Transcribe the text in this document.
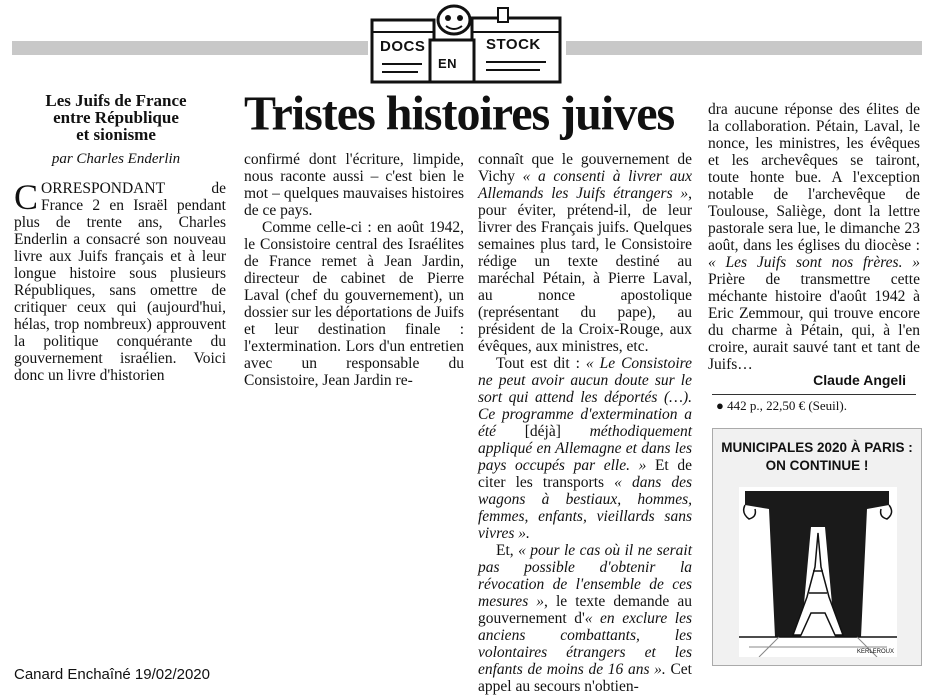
DOCS
EN
STOCK
Les Juifs de France
entre République
et sionisme
par Charles Enderlin
CORRESPONDANT de France 2 en Israël pendant plus de trente ans, Charles Enderlin a consacré son nouveau livre aux Juifs français et à leur longue histoire sous plusieurs Républiques, sans omettre de critiquer ceux qui (aujourd'hui, hélas, trop nombreux) approuvent la politique conquérante du gouvernement israélien. Voici donc un livre d'historien
Tristes histoires juives

confirmé dont l'écriture, limpide, nous raconte aussi – c'est bien le mot – quelques mauvaises histoires de ce pays.

Comme celle-ci : en août 1942, le Consistoire central des Israélites de France remet à Jean Jardin, directeur de cabinet de Pierre Laval (chef du gouvernement), un dossier sur les déportations de Juifs et leur destination finale : l'extermination. Lors d'un entretien avec un responsable du Consistoire, Jean Jardin re-

connaît que le gouvernement de Vichy « a consenti à livrer aux Allemands les Juifs étrangers », pour éviter, prétend-il, de leur livrer des Français juifs. Quelques semaines plus tard, le Consistoire rédige un texte destiné au maréchal Pétain, à Pierre Laval, au nonce apostolique (représentant du pape), au président de la Croix-Rouge, aux évêques, aux ministres, etc.

Tout est dit : « Le Consistoire ne peut avoir aucun doute sur le sort qui attend les déportés (…). Ce programme d'extermination a été [déjà] méthodiquement appliqué en Allemagne et dans les pays occupés par elle. » Et de citer les transports « dans des wagons à bestiaux, hommes, femmes, enfants, vieillards sans vivres ».

Et, « pour le cas où il ne serait pas possible d'obtenir la révocation de l'ensemble de ces mesures », le texte demande au gouvernement d'« en exclure les anciens combattants, les volontaires étrangers et les enfants de moins de 16 ans ». Cet appel au secours n'obtien-

dra aucune réponse des élites de la collaboration. Pétain, Laval, le nonce, les ministres, les évêques et les archevêques se tairont, toute honte bue. A l'exception notable de l'archevêque de Toulouse, Saliège, dont la lettre pastorale sera lue, le dimanche 23 août, dans les églises du diocèse : « Les Juifs sont nos frères. » Prière de transmettre cette méchante histoire d'août 1942 à Eric Zemmour, qui trouve encore du charme à Pétain, qui, à l'en croire, aurait sauvé tant et tant de Juifs…

Claude Angeli
● 442 p., 22,50 € (Seuil).
MUNICIPALES 2020 À PARIS :
ON CONTINUE !
KERLEROUX
Canard Enchaîné 19/02/2020
